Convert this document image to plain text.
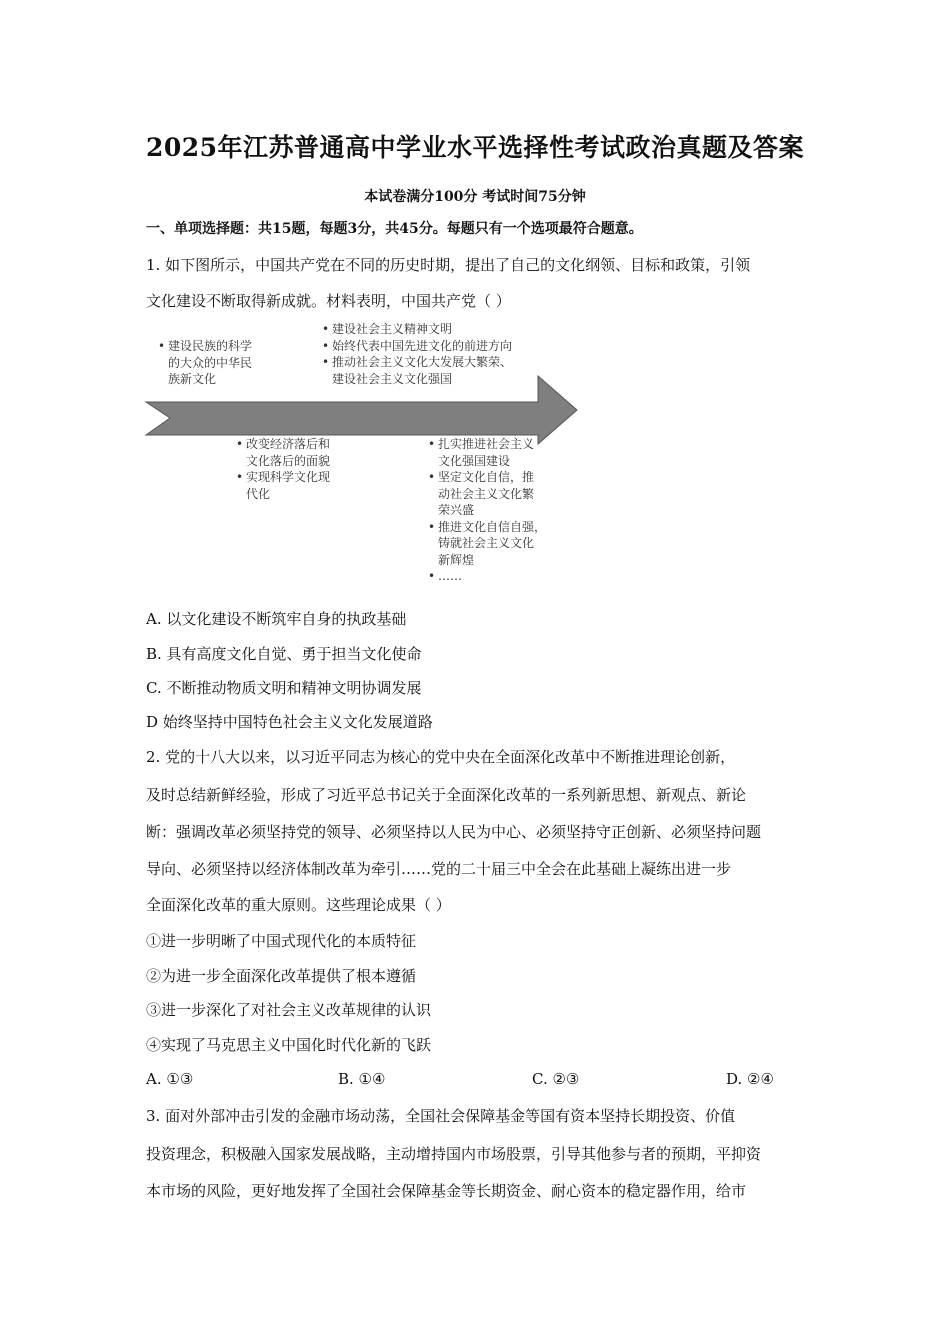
2025年江苏普通高中学业水平选择性考试政治真题及答案
本试卷满分100分 考试时间75分钟
一、单项选择题：共15题，每题3分，共45分。每题只有一个选项最符合题意。
1. 如下图所示，中国共产党在不同的历史时期，提出了自己的文化纲领、目标和政策，引领
文化建设不断取得新成就。材料表明，中国共产党（ ）
• 建设民族的科学
的大众的中华民
族新文化
• 改变经济落后和
文化落后的面貌
• 实现科学文化现
代化
• 建设社会主义精神文明
• 始终代表中国先进文化的前进方向
• 推动社会主义文化大发展大繁荣、
建设社会主义文化强国
• 扎实推进社会主义
文化强国建设
• 坚定文化自信，推
动社会主义文化繁
荣兴盛
• 推进文化自信自强，
铸就社会主义文化
新辉煌
• ……
A. 以文化建设不断筑牢自身的执政基础
B. 具有高度文化自觉、勇于担当文化使命
C. 不断推动物质文明和精神文明协调发展
D 始终坚持中国特色社会主义文化发展道路
2. 党的十八大以来，以习近平同志为核心的党中央在全面深化改革中不断推进理论创新，
及时总结新鲜经验，形成了习近平总书记关于全面深化改革的一系列新思想、新观点、新论
断：强调改革必须坚持党的领导、必须坚持以人民为中心、必须坚持守正创新、必须坚持问题
导向、必须坚持以经济体制改革为牵引……党的二十届三中全会在此基础上凝练出进一步
全面深化改革的重大原则。这些理论成果（ ）
①进一步明晰了中国式现代化的本质特征
②为进一步全面深化改革提供了根本遵循
③进一步深化了对社会主义改革规律的认识
④实现了马克思主义中国化时代化新的飞跃
A. ①③	B. ①④	C. ②③	D. ②④
3. 面对外部冲击引发的金融市场动荡，全国社会保障基金等国有资本坚持长期投资、价值
投资理念，积极融入国家发展战略，主动增持国内市场股票，引导其他参与者的预期，平抑资
本市场的风险，更好地发挥了全国社会保障基金等长期资金、耐心资本的稳定器作用，给市
